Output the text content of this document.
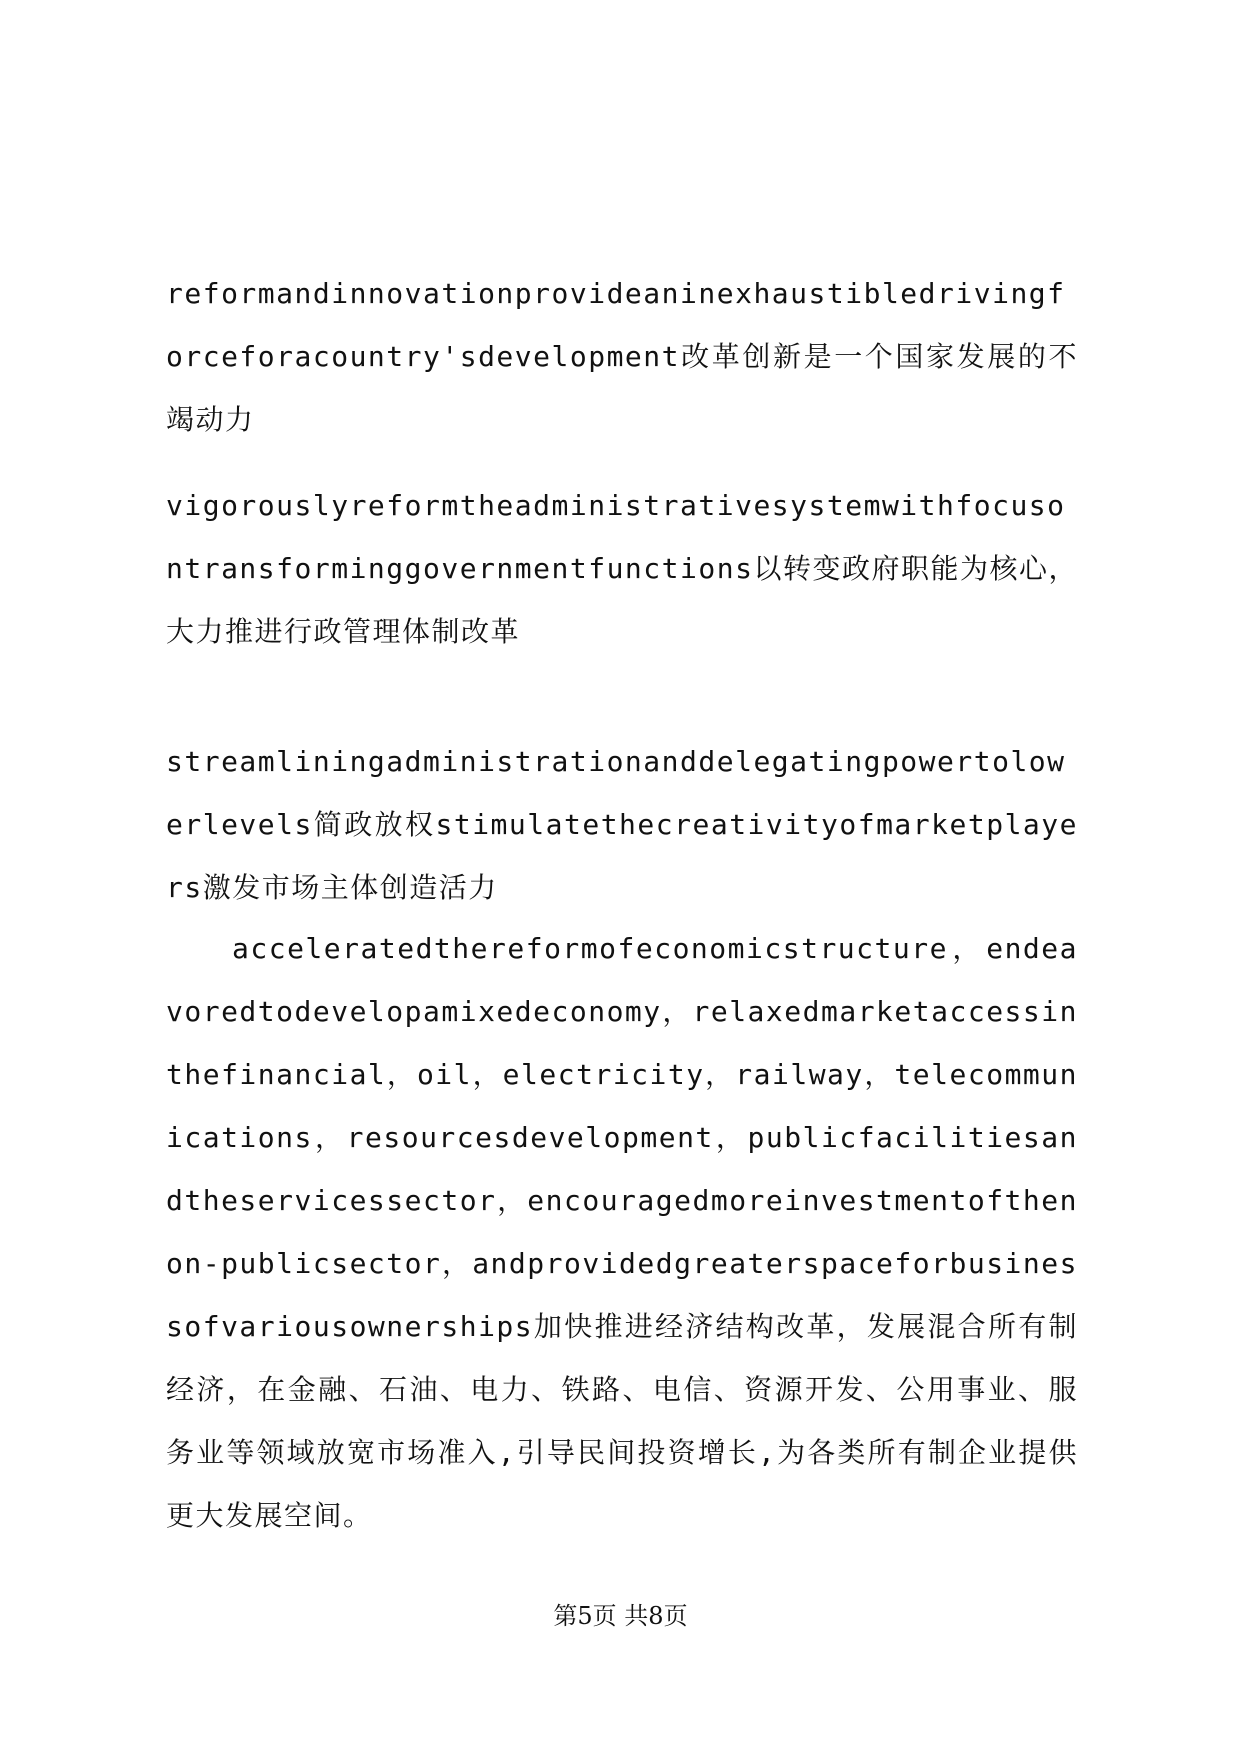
reformandinnovationprovideaninexhaustibledrivingforceforacountry'sdevelopment改革创新是一个国家发展的不竭动力

vigorouslyreformtheadministrativesystemwithfocusontransforminggovernmentfunctions以转变政府职能为核心，大力推进行政管理体制改革

streamliningadministrationanddelegatingpowertolowerlevels简政放权stimulatethecreativityofmarketplayers激发市场主体创造活力

acceleratedthereformofeconomicstructure，endeavoredtodevelopamixedeconomy，relaxedmarketaccessinthefinancial，oil，electricity，railway，telecommunications，resourcesdevelopment，publicfacilitiesandtheservicessector，encouragedmoreinvestmentofthenon-publicsector，andprovidedgreaterspaceforbusinessofvariousownerships加快推进经济结构改革，发展混合所有制经济，在金融、石油、电力、铁路、电信、资源开发、公用事业、服务业等领域放宽市场准入,引导民间投资增长,为各类所有制企业提供更大发展空间。

第5页 共8页
